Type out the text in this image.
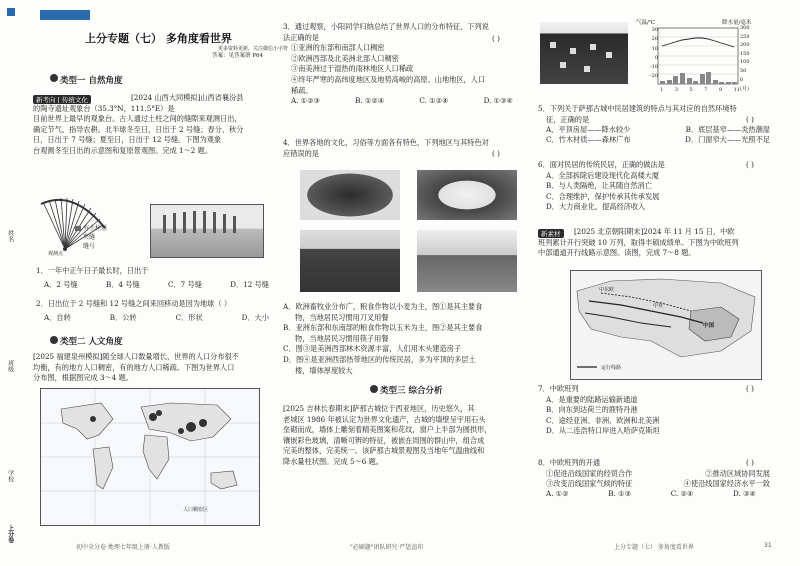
姓名
班级
学校
上分卷
上分专题（七） 多角度看世界
更多资料更新，关注微信小字符
答案：见答案册 P64
类型一 自然角度
新考向 | 传统文化	[2024 山西大同模拟]山西省襄汾县
的陶寺遗址观象台（35.3°N，111.5°E）是
目前世界上最早的观象台。古人通过土柱之间的缝隙来观测日出，
确定节气、指导农耕。北半球冬至日，日出于 2 号缝；春分、秋分
日，日出于 7 号缝；夏至日，日出于 12 号缝。下图为观象
台观测冬至日出的示意图和复原景观图。完成 1～2 题。
观测点
夯土柱基
夹缝
缝号
1．一年中正午日子最长时，日出于
A．2 号缝	B．4 号缝	C．7 号缝	D．12 号缝
2．日出位于 2 号缝和 12 号缝之间来回移动是因为地球（ ）
A．自转	B．公转	C．形状	D．大小
类型二 人文角度
[2025 福建泉州模拟]随全球人口数量增长，世界的人口分布很不
均衡，有的地方人口稠密，有的地方人口稀疏。下图为世界人口
分布图，根据图完成 3～4 题。
人口稠密区
3．通过观察，小阳同学归纳总结了世界人口的分布特征，下列说
法正确的是
①亚洲的东部和南部人口稠密
②欧洲西部及北美洲北部人口稠密
③南美洲过于湿热的雨林地区人口稀疏
④终年严寒的高纬度地区及地势高峻的高原、山地地区，人口
稀疏。
A. ①②③	B. ①②④	C. ①②④	D. ①③④
( )
4．世界各地的文化，习俗等方面各有特色，下列地区与其特色对
应错误的是	( )
A．欧洲畜牧业分布广，粮食作物以小麦为主，图①是其主要食
物，当地居民习惯用刀叉用餐
B．亚洲东部和东南部的粮食作物以玉米为主，图②是其主要食
物，当地居民习惯用筷子用餐
C．图③是美洲西部林木资源丰富，人们用木头建造房子
D．图④是亚洲西部热带地区的传统民居，多为平顶的多层土
楼，墙体厚度较大
类型三 综合分析
[2025 吉林长春期末]萨那古城位于西亚地区，历史悠久，其
老城区 1986 年被认定为世界文化遗产，古城的墙壁呈宇用石头
垒砌而成，墙体上雕刻着精美图案和花纹，窗户上半部为圆拱形，
镶嵌彩色玻璃，清晰可辨的特征，被嵌在周围的群山中，组合成
完美的整体，完美统一。该萨那古城景观图及当地年气温曲线和
降水量柱状图。完成 5～6 题。
气温/℃	降水量/毫米
30
20
10
0
-10
-20
300
250
200
150
100
50
0
1 3 5 7 9 11 (月)
5．下列关于萨那古城中民居建筑的特点与其对应的自然环境特
征，正确的是
A．平顶房屋——降水较少	B．底层基窄——炎热潮湿
C．竹木材质——森林广布	D．门窗窄大——光照不足
( )
6．面对民居的传统民居，正确的做法是
A．全部拆除后建设现代化高楼大厦
B．与人类隔绝，让其随自然消亡
C．合理维护，保护传承其传承发展
D．大力商业化，提高经济收入
( )
新素材	[2025 北京朝阳期末]2024 年 11 月 15 日，中欧
班列累计开行突破 10 万列，取得丰硕成绩单。下图为中欧班列
中部通道开行线路示意图。读图，完成 7～8 题。
中国
中亚
中东欧
运行线路
7．中欧班列
A．是重要的陆路运输新通道
B．向东到达荷兰的鹿特丹港
C．途经亚洲、非洲、欧洲和北美洲
D．从二连浩特口岸进入哈萨克斯坦
( )
8．中欧班列的开通
①促进沿线国家的经贸合作	②推动区域协同发展
③改变沿线国家气候的特征	④使沿线国家经济水平一致
A. ①②	B. ①③	C. ②④	D. ③④
( )
初中全分卷·地理七年级上册·人教版	"必刷题"团队研究·严惩盗印	上分专题（七） 多角度看世界	31
